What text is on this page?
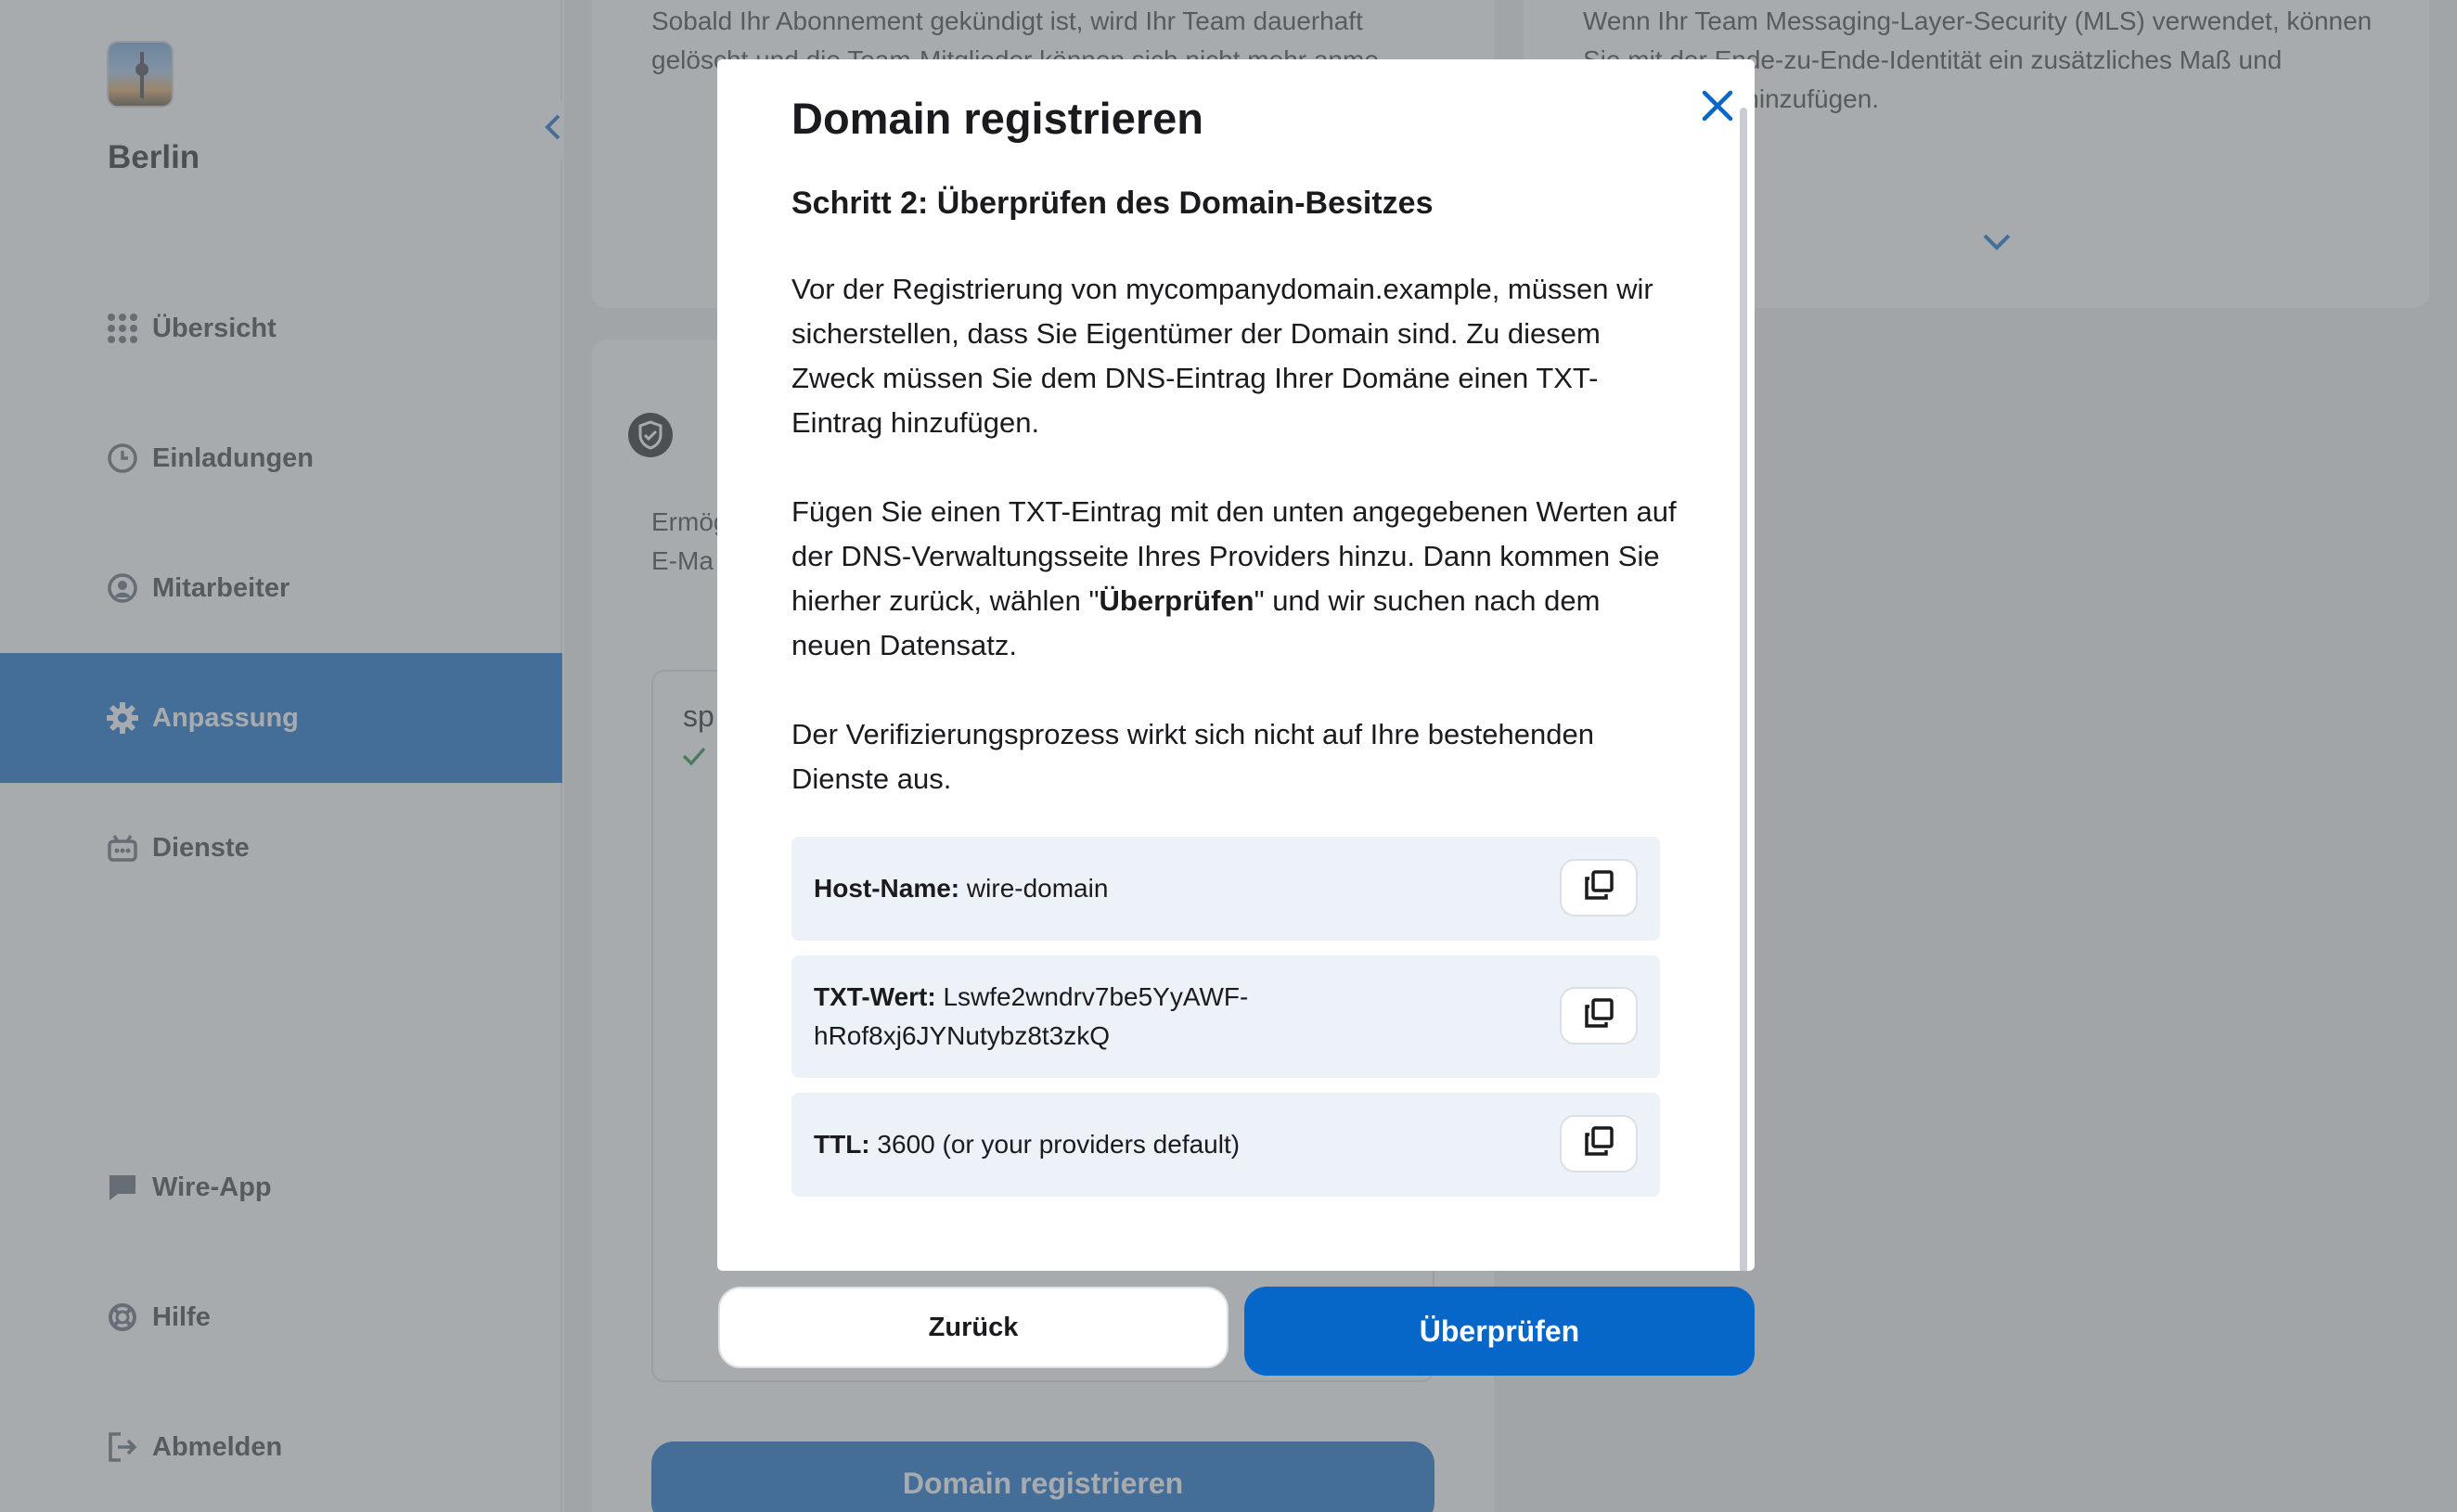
Domain registrieren
Schritt 2: Überprüfen des Domain-Besitzes
Vor der Registrierung von mycompanydomain.example, müssen wir sicherstellen, dass Sie Eigentümer der Domain sind. Zu diesem Zweck müssen Sie dem DNS-Eintrag Ihrer Domäne einen TXT-Eintrag hinzufügen.
Fügen Sie einen TXT-Eintrag mit den unten angegebenen Werten auf der DNS-Verwaltungsseite Ihres Providers hinzu. Dann kommen Sie hierher zurück, wählen "Überprüfen" und wir suchen nach dem neuen Datensatz.
Der Verifizierungsprozess wirkt sich nicht auf Ihre bestehenden Dienste aus.
Host-Name: wire-domain
TXT-Wert: Lswfe2wndrv7be5YyAWF-
hRof8xj6JYNutybz8t3zkQ
TTL: 3600 (or your providers default)
Zurück	Überprüfen
